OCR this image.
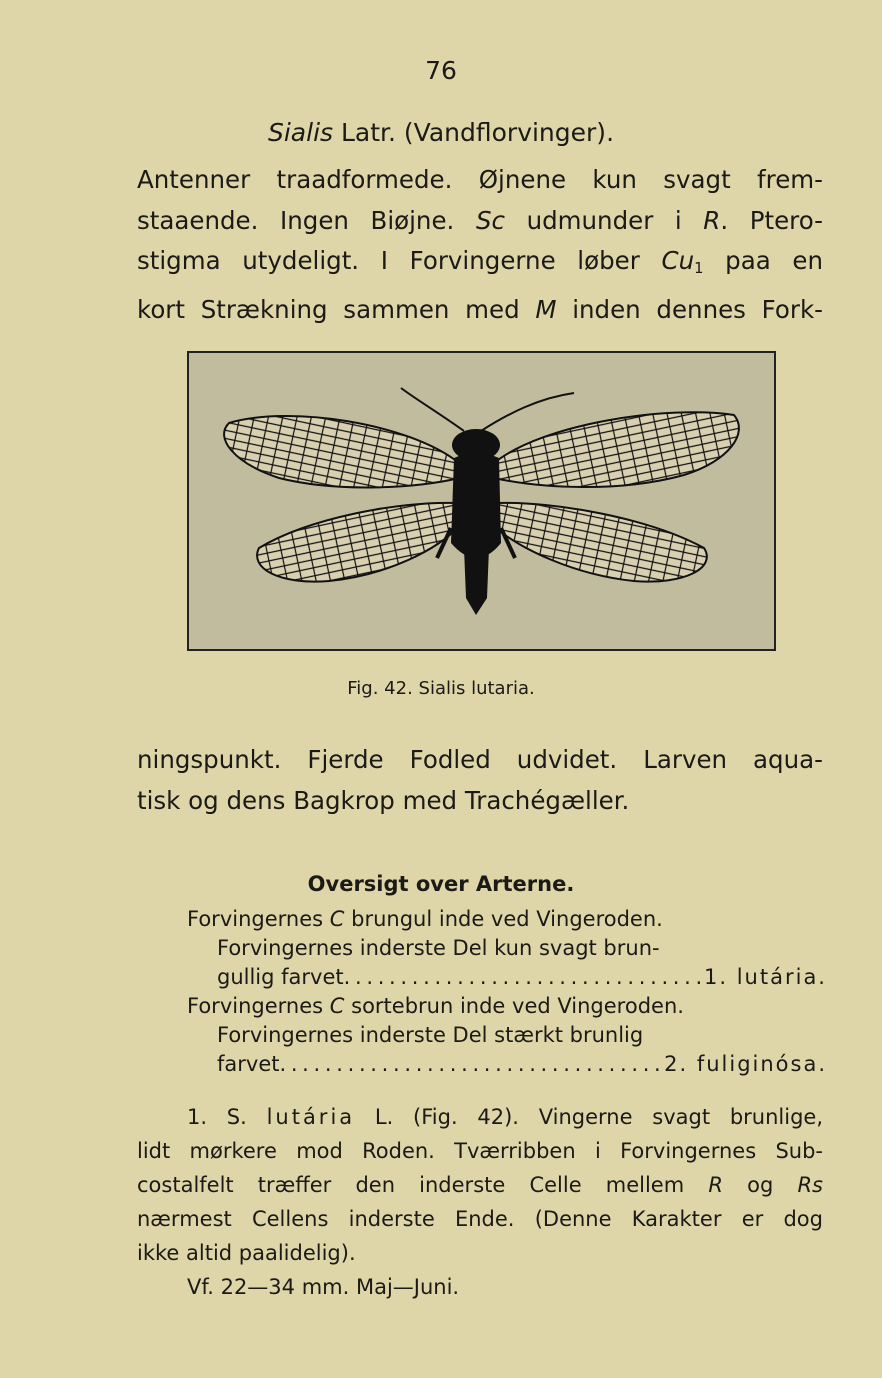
76
Sialis Latr. (Vandflorvinger).
Antenner traadformede. Øjnene kun svagt frem-
staaende. Ingen Biøjne. Sc udmunder i R. Ptero-
stigma utydeligt. I Forvingerne løber $Cu_1$ paa en
kort Strækning sammen med M inden dennes Fork-
Fig. 42. Sialis lutaria.
ningspunkt. Fjerde Fodled udvidet. Larven aqua-
tisk og dens Bagkrop med Trachégæller.
Oversigt over Arterne.
Forvingernes C brungul inde ved Vingeroden.
Forvingernes inderste Del kun svagt brun-
gullig farvet . . .	1. lutária.
Forvingernes C sortebrun inde ved Vingeroden.
Forvingernes inderste Del stærkt brunlig
farvet . . .	2. fuliginósa.
1. S. lutária L. (Fig. 42). Vingerne svagt brunlige,
lidt mørkere mod Roden. Tværribben i Forvingernes Sub-
costalfelt træffer den inderste Celle mellem R og Rs
nærmest Cellens inderste Ende. (Denne Karakter er dog
ikke altid paalidelig).
Vf. 22—34 mm. Maj—Juni.
